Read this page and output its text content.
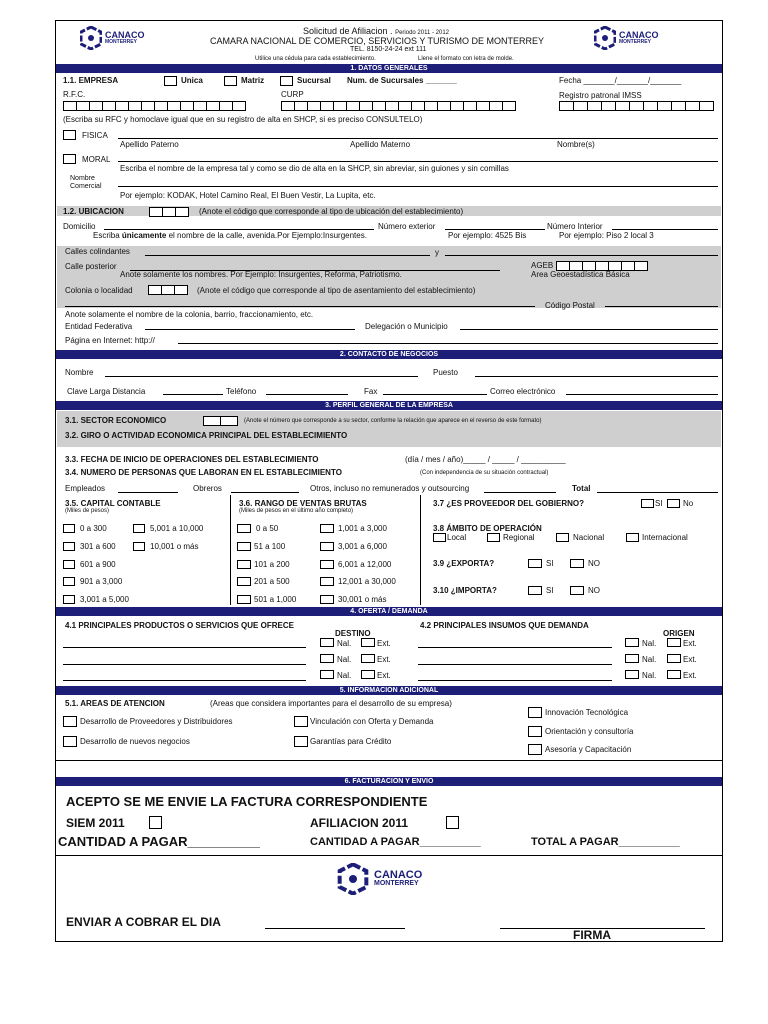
CANACO
MONTERREY
CANACO
MONTERREY
Solicitud de Afiliacion . Periodo 2011 - 2012
CAMARA NACIONAL DE COMERCIO, SERVICIOS Y TURISMO DE MONTERREY
TEL. 8150-24-24 ext 111
Utilice una cédula para cada establecimiento.	Llene el formato con letra de molde.
1. DATOS GENERALES
1.1. EMPRESA	Unica	Matriz	Sucursal Num. de Sucursales _______	Fecha _______/_______/_______
R.F.C.	CURP	Registro patronal IMSS
(Escriba su RFC y homoclave igual que en su registro de alta en SHCP, si es preciso CONSULTELO)
FISICA
Apellido Paterno	Apellido Materno	Nombre(s)
MORAL
Escriba el nombre de la empresa tal y como se dio de alta en la SHCP, sin abreviar, sin guiones y sin comillas
Nombre
Comercial
Por ejemplo: KODAK, Hotel Camino Real, El Buen Vestir, La Lupita, etc.
1.2. UBICACION	(Anote el código que corresponde al tipo de ubicación del establecimiento)
Domicilio	Número exterior	Número Interior
Escriba únicamente el nombre de la calle, avenida.Por Ejemplo:Insurgentes.	Por ejemplo: 4525 Bis	Por ejemplo: Piso 2 local 3
Calles colindantes	y
Calle posterior	AGEB
Anote solamente los nombres. Por Ejemplo: Insurgentes, Reforma, Patriotismo.	Area Geoestadística Básica
Colonia o localidad	(Anote el código que corresponde al tipo de asentamiento del establecimiento)
Código Postal
Anote solamente el nombre de la colonia, barrio, fraccionamiento, etc.
Entidad Federativa	Delegación o Municipio
Página en Internet: http://
2. CONTACTO DE NEGOCIOS
Nombre	Puesto
Clave Larga Distancia	Teléfono	Fax	Correo electrónico
3. PERFIL GENERAL DE LA EMPRESA
3.1. SECTOR ECONOMICO	(Anote el número que corresponde a su sector, conforme la relación que aparece en el reverso de este formato)
3.2. GIRO O ACTIVIDAD ECONOMICA PRINCIPAL DEL ESTABLECIMIENTO
3.3. FECHA DE INICIO DE OPERACIONES DEL ESTABLECIMIENTO	(día / mes / año)_____ / _____ / __________
3.4. NUMERO DE PERSONAS QUE LABORAN EN EL ESTABLECIMIENTO	(Con independencia de su situación contractual)
Empleados	Obreros	Otros, incluso no remunerados y outsourcing	Total
3.5. CAPITAL CONTABLE
(Miles de pesos)
0 a 300	5,001 a 10,000
301 a 600	10,001 o más
601 a 900
901 a 3,000
3,001 a 5,000
3.6. RANGO DE VENTAS BRUTAS
(Miles de pesos en el último año completo)
0 a 50	1,001 a 3,000
51 a 100	3,001 a 6,000
101 a 200	6,001 a 12,000
201 a 500	12,001 a 30,000
501 a 1,000	30,001 o más
3.7 ¿ES PROVEEDOR DEL GOBIERNO?	SI	No
3.8 ÁMBITO DE OPERACIÓN
Local	Regional	Nacional	Internacional
3.9 ¿EXPORTA?	SI	NO
3.10 ¿IMPORTA?	SI	NO
4. OFERTA / DEMANDA
4.1 PRINCIPALES PRODUCTOS O SERVICIOS QUE OFRECE	4.2 PRINCIPALES INSUMOS QUE DEMANDA
DESTINO	ORIGEN
Nal.	Ext.	Nal.	Ext.
Nal.	Ext.	Nal.	Ext.
Nal.	Ext.	Nal.	Ext.
5. INFORMACION ADICIONAL
5.1. AREAS DE ATENCION	(Areas que considera importantes para el desarrollo de su empresa)
Desarrollo de Proveedores y Distribuidores	Vinculación con Oferta y Demanda
Innovación Tecnológica
Desarrollo de nuevos negocios	Garantías para Crédito
Orientación y consultoría
Asesoría y Capacitación
6. FACTURACION Y ENVIO
ACEPTO SE ME ENVIE LA FACTURA CORRESPONDIENTE
SIEM 2011	AFILIACION 2011
CANTIDAD A PAGAR__________	CANTIDAD A PAGAR__________	TOTAL A PAGAR__________
CANACO
MONTERREY
ENVIAR A COBRAR EL DIA
FIRMA
